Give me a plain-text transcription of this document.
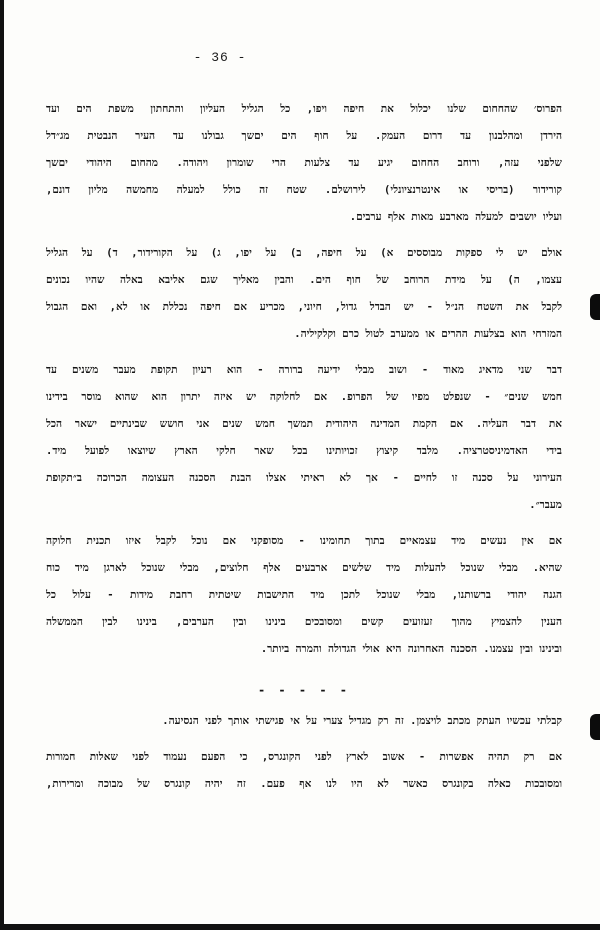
- 36 -
הפרוס׳ שהחחום שלנו יכלול את חיפה ויפו, כל הגליל העליון והתחתון משפת הים ועד
הירדן ומהלבנון עד דרום העמק. על חוף הים יםשך גבולנו עד העיר הנבטית מג״דל
שלפני עזה, ורוחב החחום יגיע עד צלעות הרי שומרון ויהודה. מהחום היהודי יםשך
קורידור (בריסי או אינטרנציונלי) לירושלם. שטח זה כולל למעלה מחמשה מליון דונם,
ועליו יושבים למעלה מארבע מאות אלף ערבים.
אולם יש לי ספקות מבוססים א) על חיפה, ב) על יפו, ג) על הקורידור, ד) על הגליל
עצמו, ה) על מידת הרוחב של חוף הים. והבין מאליך שגם אליבא באלה שהיו נכונים
לקבל את השטח הנ״ל - יש הבדל גדול, חיוני, מכריע אם חיפה נכללת או לא, ואם הגבול
המזרחי הוא בצלעות ההרים או ממערב לטול כרם וקלקיליה.
דבר שני מדאיג מאוד - ושוב מבלי ידיעה ברורה - הוא רעיון תקופת מעבר משנים עד
חמש שנים״ - שנפלט מפיו של הפרופ. אם לחלוקה יש איזה יתרון הוא שהוא מוסר בידינו
את דבר העליה. אם הקמת המדינה היהודית תמשך חמש שנים אני חושש שבינתיים ישאר הכל
בידי האדמיניסטרציה. מלבד קיצוץ זכויותינו בכל שאר חלקי הארץ שיוצאו לפועל מיד.
העירוני על סכנה זו לחיים - אך לא ראיתי אצלו הבנת הסכנה העצומה הכרוכה ב״תקופת
מעבר״.
אם אין נעשים מיד עצמאיים בתוך תחומינו - מסופקני אם נוכל לקבל איזו תכנית חלוקה
שהיא. מבלי שנוכל להעלות מיד שלשים ארבעים אלף חלוצים, מבלי שנוכל לארגן מיד כוח
הגנה יהודי ברשותנו, מבלי שנוכל לתכן מיד התישבות שיטתית רחבת מידות - עלול כל
הענין להצמיץ מהוך זעזועים קשים ומסובכים בינינו ובין הערבים, בינינו לבין הממשלה
ובינינו ובין עצמנו. הסכנה האחרונה היא אולי הגדולה והמרה ביותר.
- - - - -
קבלתי עכשיו העתק מכתב לויצמן. זה רק מגדיל צערי על אי פגישתי אותך לפני הנסיעה.
אם רק תהיה אפשרות - אשוב לארץ לפני הקונגרס, כי הפעם נעמוד לפני שאלות חמורות
ומסובכות כאלה בקונגרס כאשר לא היו לנו אף פעם. זה יהיה קונגרס של מבוכה ומרירות,
